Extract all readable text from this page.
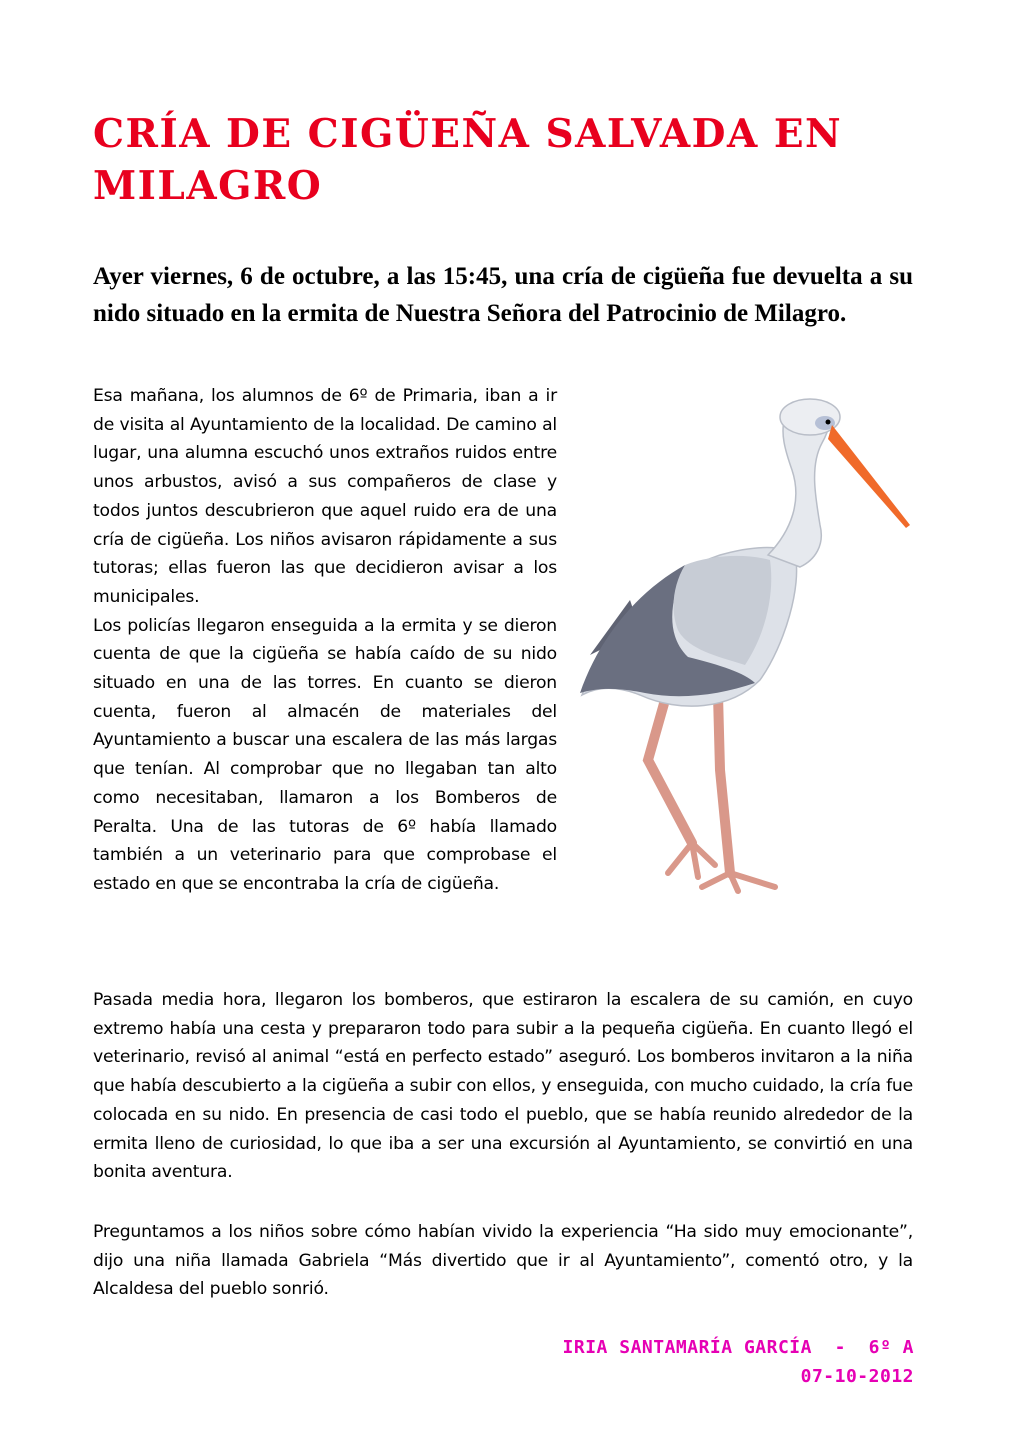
CRÍA DE CIGÜEÑA SALVADA EN MILAGRO

Ayer viernes, 6 de octubre, a las 15:45, una cría de cigüeña fue devuelta a su nido situado en la ermita de Nuestra Señora del Patrocinio de Milagro.

Esa mañana, los alumnos de 6º de Primaria, iban a ir de visita al Ayuntamiento de la localidad. De camino al lugar, una alumna escuchó unos extraños ruidos entre unos arbustos, avisó a sus compañeros de clase y todos juntos descubrieron que aquel ruido era de una cría de cigüeña. Los niños avisaron rápidamente a sus tutoras; ellas fueron las que decidieron avisar a los municipales.

Los policías llegaron enseguida a la ermita y se dieron cuenta de que la cigüeña se había caído de su nido situado en una de las torres. En cuanto se dieron cuenta, fueron al almacén de materiales del Ayuntamiento a buscar una escalera de las más largas que tenían. Al comprobar que no llegaban tan alto como necesitaban, llamaron a los Bomberos de Peralta. Una de las tutoras de 6º había llamado también a un veterinario para que comprobase el estado en que se encontraba la cría de cigüeña.

Pasada media hora, llegaron los bomberos, que estiraron la escalera de su camión, en cuyo extremo había una cesta y prepararon todo para subir a la pequeña cigüeña. En cuanto llegó el veterinario, revisó al animal “está en perfecto estado” aseguró. Los bomberos invitaron a la niña que había descubierto a la cigüeña a subir con ellos, y enseguida, con mucho cuidado, la cría fue colocada en su nido. En presencia de casi todo el pueblo, que se había reunido alrededor de la ermita lleno de curiosidad, lo que iba a ser una excursión al Ayuntamiento, se convirtió en una bonita aventura.

Preguntamos a los niños sobre cómo habían vivido la experiencia “Ha sido muy emocionante”, dijo una niña llamada Gabriela “Más divertido que ir al Ayuntamiento”, comentó otro, y la Alcaldesa del pueblo sonrió.

IRIA SANTAMARÍA GARCÍA  -  6º A
07-10-2012
